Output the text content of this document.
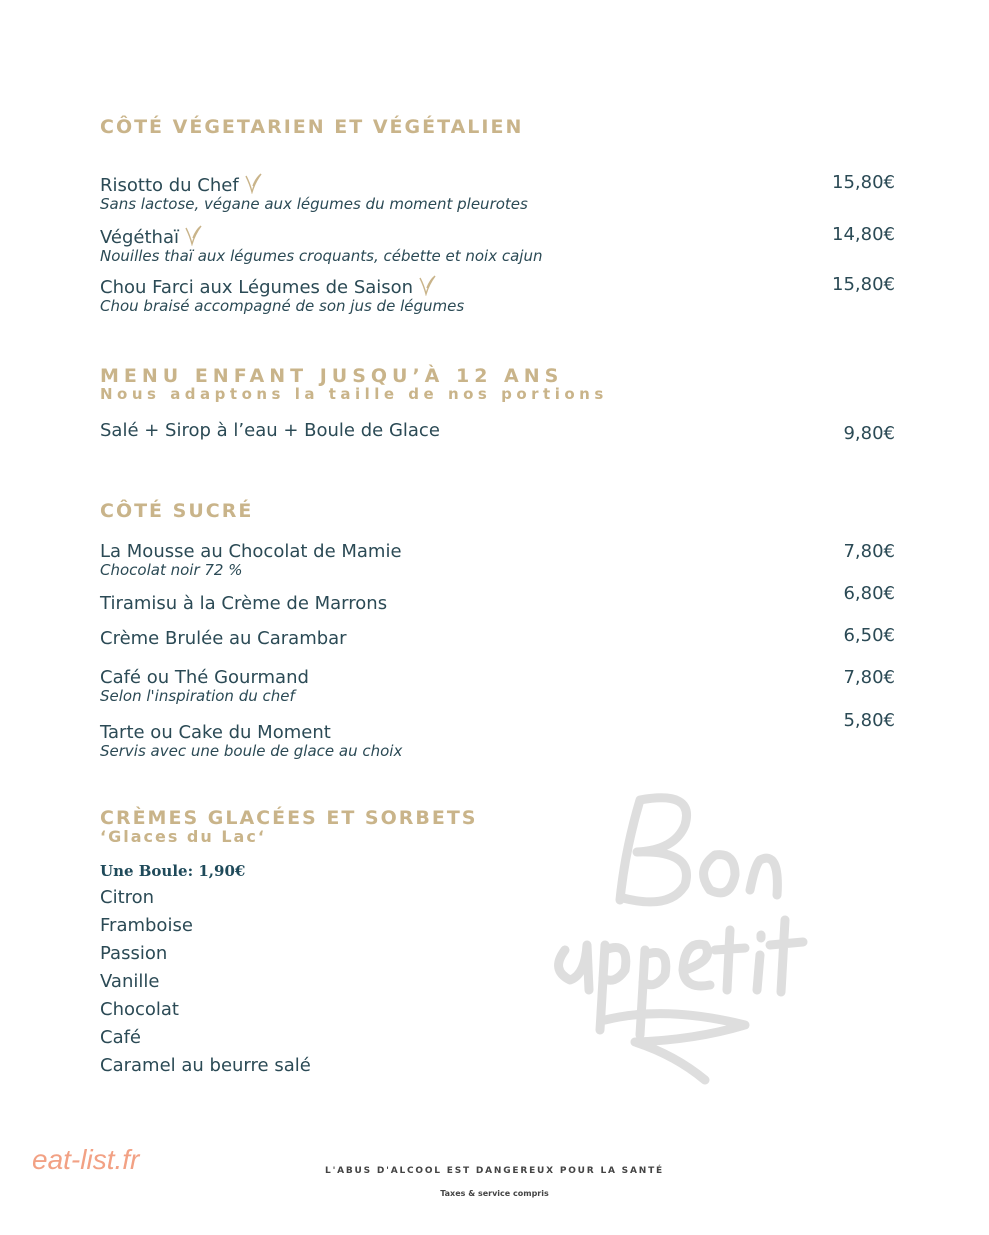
CÔTÉ VÉGETARIEN ET VÉGÉTALIEN
Risotto du Chef
Sans lactose, végane aux légumes du moment pleurotes
15,80€
Végéthaï
Nouilles thaï aux légumes croquants, cébette et noix cajun
14,80€
Chou Farci aux Légumes de Saison
Chou braisé accompagné de son jus de légumes
15,80€
MENU ENFANT JUSQU’À 12 ANS

Nous adaptons la taille de nos portions

Salé + Sirop à l’eau + Boule de Glace	9,80€
CÔTÉ SUCRÉ
La Mousse au Chocolat de Mamie
Chocolat noir 72 %
7,80€
Tiramisu à la Crème de Marrons	6,80€
Crème Brulée au Carambar	6,50€
Café ou Thé Gourmand
Selon l'inspiration du chef
7,80€
Tarte ou Cake du Moment
Servis avec une boule de glace au choix
5,80€
CRÈMES GLACÉES ET SORBETS

‘Glaces du Lac‘

Une Boule: 1,90€

Citron
Framboise
Passion
Vanille
Chocolat
Café
Caramel au beurre salé
eat-list.fr	L'ABUS D'ALCOOL EST DANGEREUX POUR LA SANTÉ
Taxes & service compris
